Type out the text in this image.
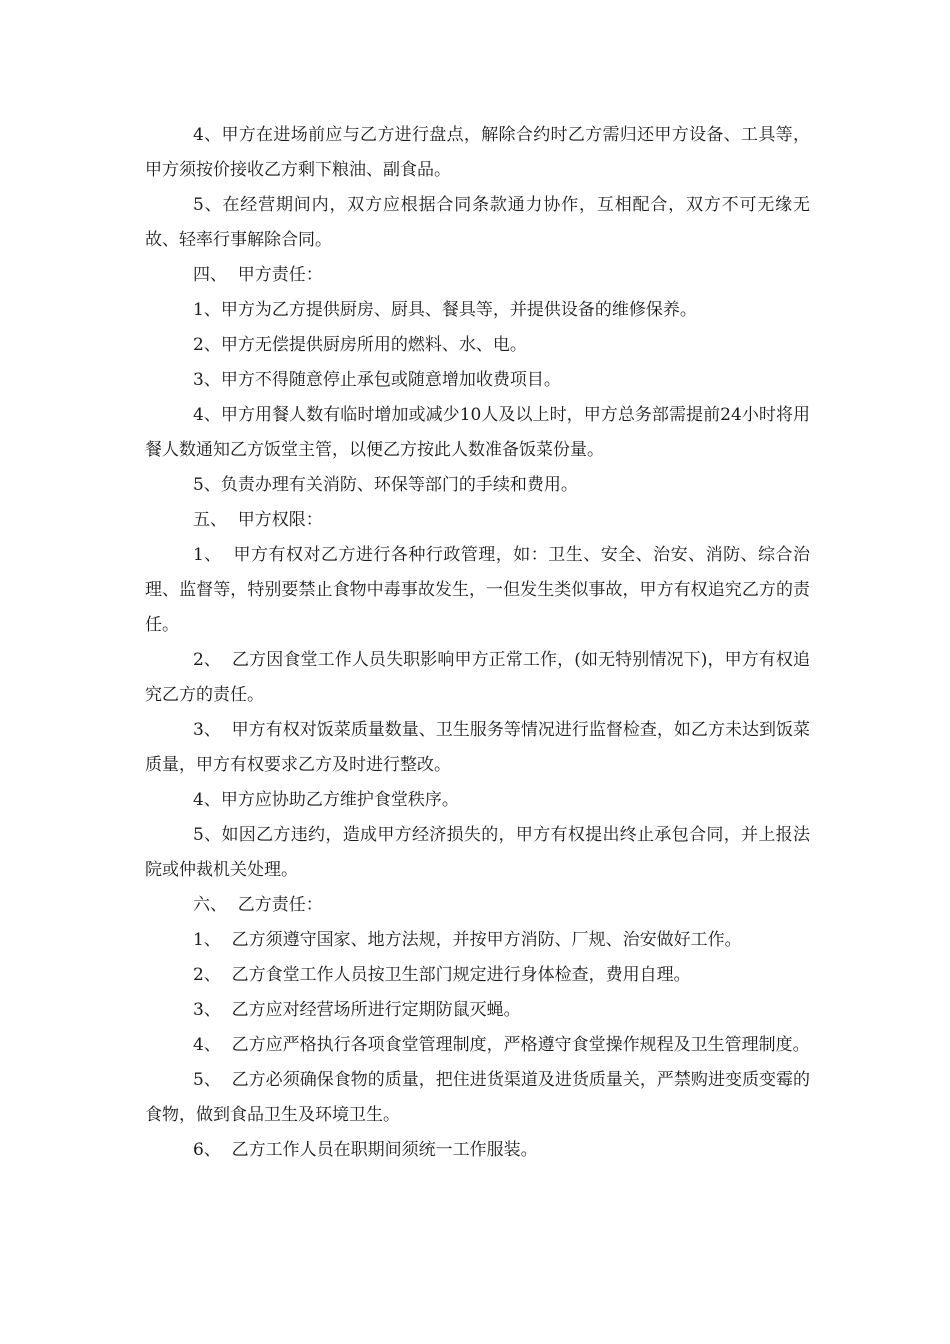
4、甲方在进场前应与乙方进行盘点，解除合约时乙方需归还甲方设备、工具等，甲方须按价接收乙方剩下粮油、副食品。

5、在经营期间内，双方应根据合同条款通力协作，互相配合，双方不可无缘无故、轻率行事解除合同。

四、  甲方责任：

1、甲方为乙方提供厨房、厨具、餐具等，并提供设备的维修保养。

2、甲方无偿提供厨房所用的燃料、水、电。

3、甲方不得随意停止承包或随意增加收费项目。

4、甲方用餐人数有临时增加或减少10人及以上时，甲方总务部需提前24小时将用餐人数通知乙方饭堂主管，以便乙方按此人数准备饭菜份量。

5、负责办理有关消防、环保等部门的手续和费用。

五、  甲方权限：

1、  甲方有权对乙方进行各种行政管理，如：卫生、安全、治安、消防、综合治理、监督等，特别要禁止食物中毒事故发生，一但发生类似事故，甲方有权追究乙方的责任。

2、  乙方因食堂工作人员失职影响甲方正常工作，(如无特别情况下)，甲方有权追究乙方的责任。

3、  甲方有权对饭菜质量数量、卫生服务等情况进行监督检查，如乙方未达到饭菜质量，甲方有权要求乙方及时进行整改。

4、甲方应协助乙方维护食堂秩序。

5、如因乙方违约，造成甲方经济损失的，甲方有权提出终止承包合同，并上报法院或仲裁机关处理。

六、  乙方责任：

1、  乙方须遵守国家、地方法规，并按甲方消防、厂规、治安做好工作。

2、  乙方食堂工作人员按卫生部门规定进行身体检查，费用自理。

3、  乙方应对经营场所进行定期防鼠灭蝇。

4、  乙方应严格执行各项食堂管理制度，严格遵守食堂操作规程及卫生管理制度。

5、  乙方必须确保食物的质量，把住进货渠道及进货质量关，严禁购进变质变霉的食物，做到食品卫生及环境卫生。

6、  乙方工作人员在职期间须统一工作服装。
